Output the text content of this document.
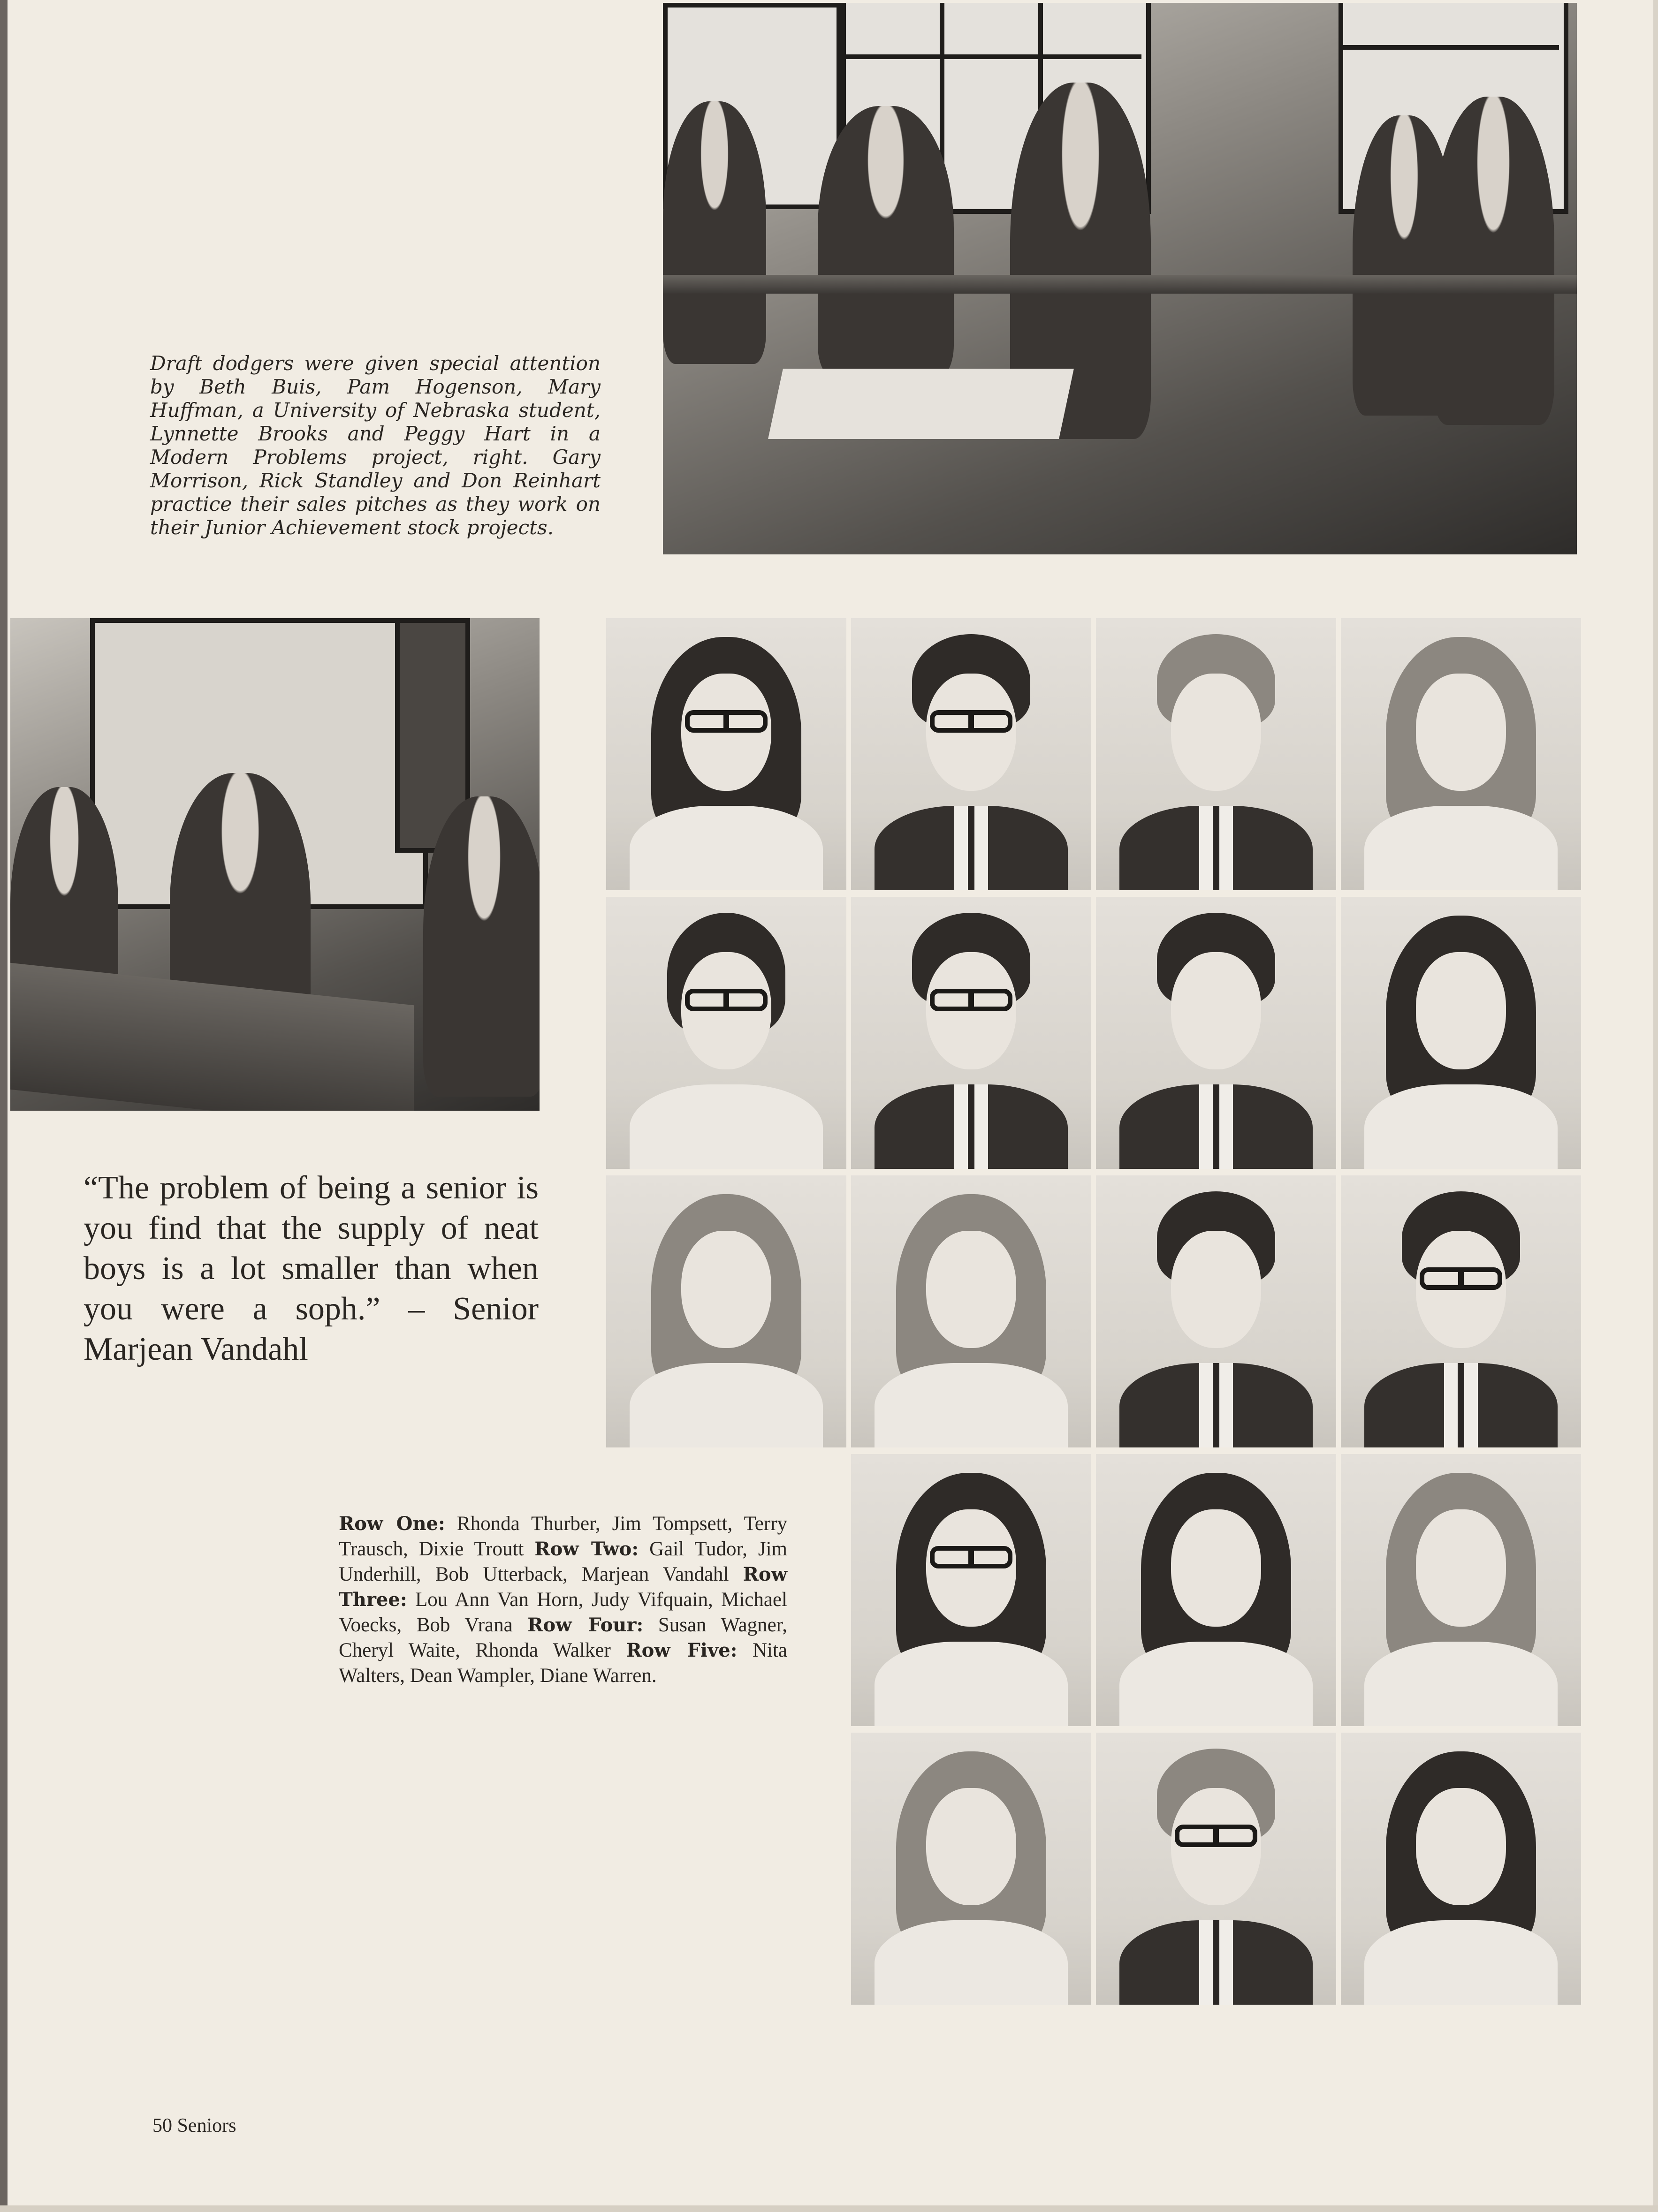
Draft dodgers were given special attention by Beth Buis, Pam Hogenson, Mary Huffman, a University of Nebraska student, Lynnette Brooks and Peggy Hart in a Modern Problems project, right. Gary Morrison, Rick Standley and Don Reinhart practice their sales pitches as they work on their Junior Achievement stock projects.
“The problem of being a senior is you find that the supply of neat boys is a lot smaller than when you were a soph.” – Senior Marjean Vandahl
Row One: Rhonda Thurber, Jim Tompsett, Terry Trausch, Dixie Troutt Row Two: Gail Tudor, Jim Underhill, Bob Utterback, Marjean Vandahl Row Three: Lou Ann Van Horn, Judy Vifquain, Michael Voecks, Bob Vrana Row Four: Susan Wagner, Cheryl Waite, Rhonda Walker Row Five: Nita Walters, Dean Wampler, Diane Warren.
50 Seniors
